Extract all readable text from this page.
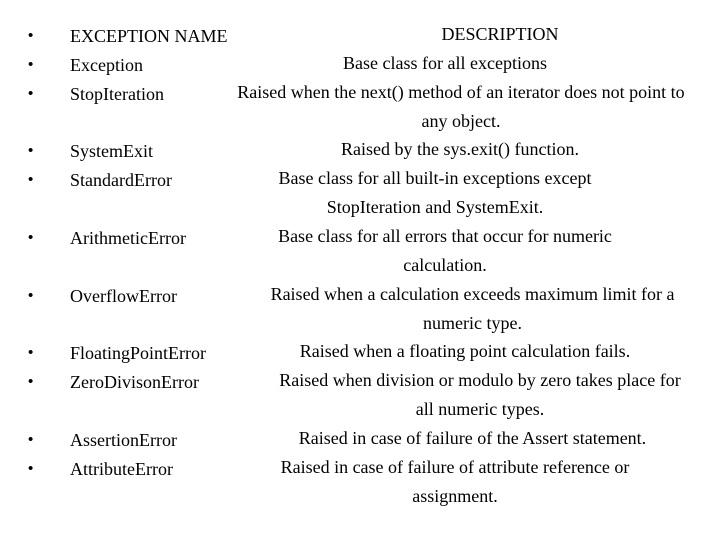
• EXCEPTION NAME	DESCRIPTION
• Exception	Base class for all exceptions
• StopIteration	Raised when the next() method of an iterator does not point to any object.
• SystemExit	Raised by the sys.exit() function.
• StandardError	Base class for all built-in exceptions except StopIteration and SystemExit.
• ArithmeticError	Base class for all errors that occur for numeric calculation.
• OverflowError	Raised when a calculation exceeds maximum limit for a numeric type.
• FloatingPointError	Raised when a floating point calculation fails.
• ZeroDivisonError	Raised when division or modulo by zero takes place for all numeric types.
• AssertionError	Raised in case of failure of the Assert statement.
• AttributeError	Raised in case of failure of attribute reference or assignment.
